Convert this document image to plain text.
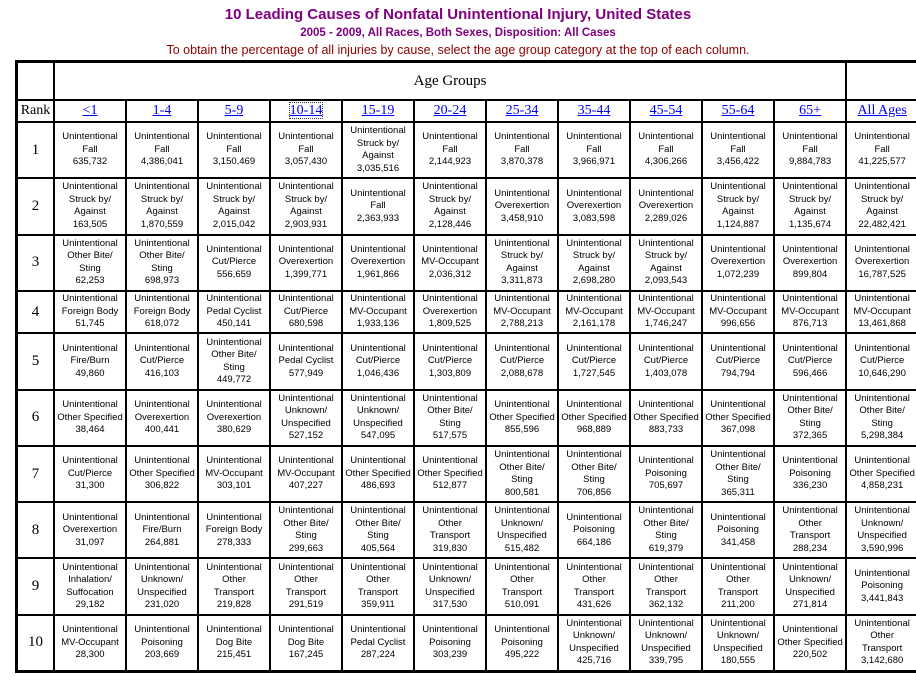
10 Leading Causes of Nonfatal Unintentional Injury, United States
2005 - 2009, All Races, Both Sexes, Disposition: All Cases
To obtain the percentage of all injuries by cause, select the age group category at the top of each column.
	Age Groups											
Rank	<1	1-4	5-9	10-14	15-19	20-24	25-34	35-44	45-54	55-64	65+	All Ages
1	Unintentional
Fall
635,732	Unintentional
Fall
4,386,041	Unintentional
Fall
3,150,469	Unintentional
Fall
3,057,430	Unintentional
Struck by/
Against
3,035,516	Unintentional
Fall
2,144,923	Unintentional
Fall
3,870,378	Unintentional
Fall
3,966,971	Unintentional
Fall
4,306,266	Unintentional
Fall
3,456,422	Unintentional
Fall
9,884,783	Unintentional
Fall
41,225,577

2	Unintentional
Struck by/
Against
163,505	Unintentional
Struck by/
Against
1,870,559	Unintentional
Struck by/
Against
2,015,042	Unintentional
Struck by/
Against
2,903,931	Unintentional
Fall
2,363,933	Unintentional
Struck by/
Against
2,128,446	Unintentional
Overexertion
3,458,910	Unintentional
Overexertion
3,083,598	Unintentional
Overexertion
2,289,026	Unintentional
Struck by/
Against
1,124,887	Unintentional
Struck by/
Against
1,135,674	Unintentional
Struck by/
Against
22,482,421

3	Unintentional
Other Bite/
Sting
62,253	Unintentional
Other Bite/
Sting
698,973	Unintentional
Cut/Pierce
556,659	Unintentional
Overexertion
1,399,771	Unintentional
Overexertion
1,961,866	Unintentional
MV-Occupant
2,036,312	Unintentional
Struck by/
Against
3,311,873	Unintentional
Struck by/
Against
2,698,280	Unintentional
Struck by/
Against
2,093,543	Unintentional
Overexertion
1,072,239	Unintentional
Overexertion
899,804	Unintentional
Overexertion
16,787,525

4	Unintentional
Foreign Body
51,745	Unintentional
Foreign Body
618,072	Unintentional
Pedal Cyclist
450,141	Unintentional
Cut/Pierce
680,598	Unintentional
MV-Occupant
1,933,136	Unintentional
Overexertion
1,809,525	Unintentional
MV-Occupant
2,788,213	Unintentional
MV-Occupant
2,161,178	Unintentional
MV-Occupant
1,746,247	Unintentional
MV-Occupant
996,656	Unintentional
MV-Occupant
876,713	Unintentional
MV-Occupant
13,461,868

5	Unintentional
Fire/Burn
49,860	Unintentional
Cut/Pierce
416,103	Unintentional
Other Bite/
Sting
449,772	Unintentional
Pedal Cyclist
577,949	Unintentional
Cut/Pierce
1,046,436	Unintentional
Cut/Pierce
1,303,809	Unintentional
Cut/Pierce
2,088,678	Unintentional
Cut/Pierce
1,727,545	Unintentional
Cut/Pierce
1,403,078	Unintentional
Cut/Pierce
794,794	Unintentional
Cut/Pierce
596,466	Unintentional
Cut/Pierce
10,646,290

6	Unintentional
Other Specified
38,464	Unintentional
Overexertion
400,441	Unintentional
Overexertion
380,629	Unintentional
Unknown/
Unspecified
527,152	Unintentional
Unknown/
Unspecified
547,095	Unintentional
Other Bite/
Sting
517,575	Unintentional
Other Specified
855,596	Unintentional
Other Specified
968,889	Unintentional
Other Specified
883,733	Unintentional
Other Specified
367,098	Unintentional
Other Bite/
Sting
372,365	Unintentional
Other Bite/
Sting
5,298,384

7	Unintentional
Cut/Pierce
31,300	Unintentional
Other Specified
306,822	Unintentional
MV-Occupant
303,101	Unintentional
MV-Occupant
407,227	Unintentional
Other Specified
486,693	Unintentional
Other Specified
512,877	Unintentional
Other Bite/
Sting
800,581	Unintentional
Other Bite/
Sting
706,856	Unintentional
Poisoning
705,697	Unintentional
Other Bite/
Sting
365,311	Unintentional
Poisoning
336,230	Unintentional
Other Specified
4,858,231

8	Unintentional
Overexertion
31,097	Unintentional
Fire/Burn
264,881	Unintentional
Foreign Body
278,333	Unintentional
Other Bite/
Sting
299,663	Unintentional
Other Bite/
Sting
405,564	Unintentional
Other
Transport
319,830	Unintentional
Unknown/
Unspecified
515,482	Unintentional
Poisoning
664,186	Unintentional
Other Bite/
Sting
619,379	Unintentional
Poisoning
341,458	Unintentional
Other
Transport
288,234	Unintentional
Unknown/
Unspecified
3,590,996

9	Unintentional
Inhalation/
Suffocation
29,182	Unintentional
Unknown/
Unspecified
231,020	Unintentional
Other
Transport
219,828	Unintentional
Other
Transport
291,519	Unintentional
Other
Transport
359,911	Unintentional
Unknown/
Unspecified
317,530	Unintentional
Other
Transport
510,091	Unintentional
Other
Transport
431,626	Unintentional
Other
Transport
362,132	Unintentional
Other
Transport
211,200	Unintentional
Unknown/
Unspecified
271,814	Unintentional
Poisoning
3,441,843

10	Unintentional
MV-Occupant
28,300	Unintentional
Poisoning
203,669	Unintentional
Dog Bite
215,451	Unintentional
Dog Bite
167,245	Unintentional
Pedal Cyclist
287,224	Unintentional
Poisoning
303,239	Unintentional
Poisoning
495,222	Unintentional
Unknown/
Unspecified
425,716	Unintentional
Unknown/
Unspecified
339,795	Unintentional
Unknown/
Unspecified
180,555	Unintentional
Other Specified
220,502	Unintentional
Other
Transport
3,142,680
